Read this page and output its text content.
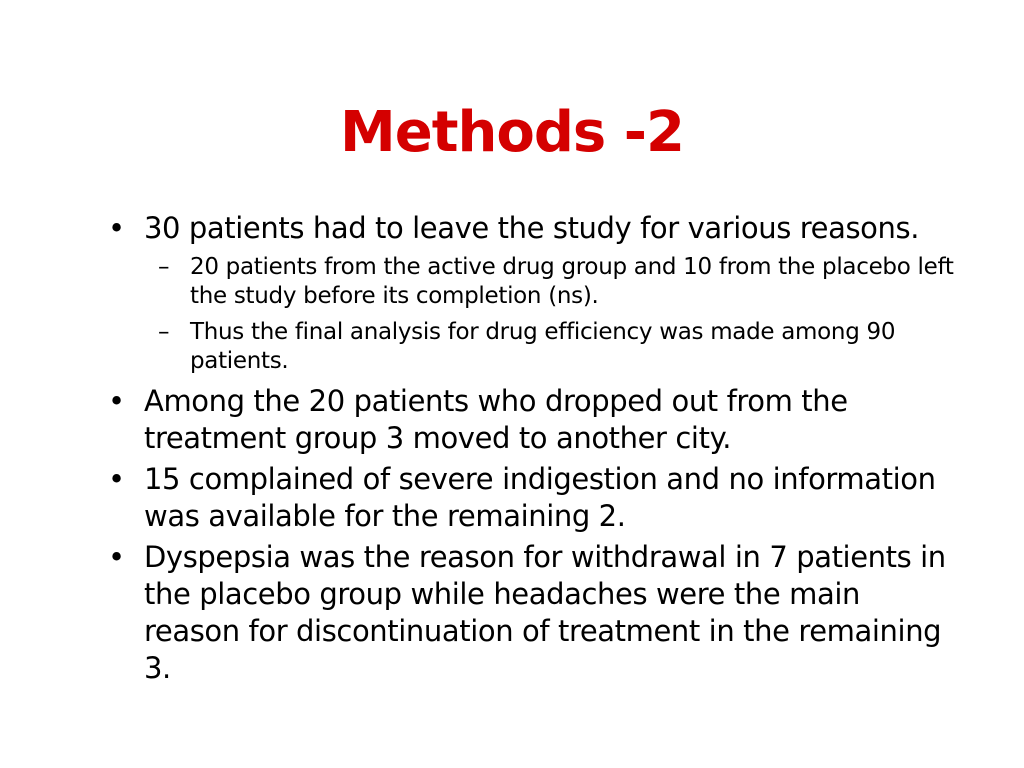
Methods -2
• 30 patients had to leave the study for various reasons.
– 20 patients from the active drug group and 10 from the placebo left the study before its completion (ns).
– Thus the final analysis for drug efficiency was made among 90 patients.
• Among the 20 patients who dropped out from the treatment group 3 moved to another city.
• 15 complained of severe indigestion and no information was available for the remaining 2.
• Dyspepsia was the reason for withdrawal in 7 patients in the placebo group while headaches were the main reason for discontinuation of treatment in the remaining 3.
